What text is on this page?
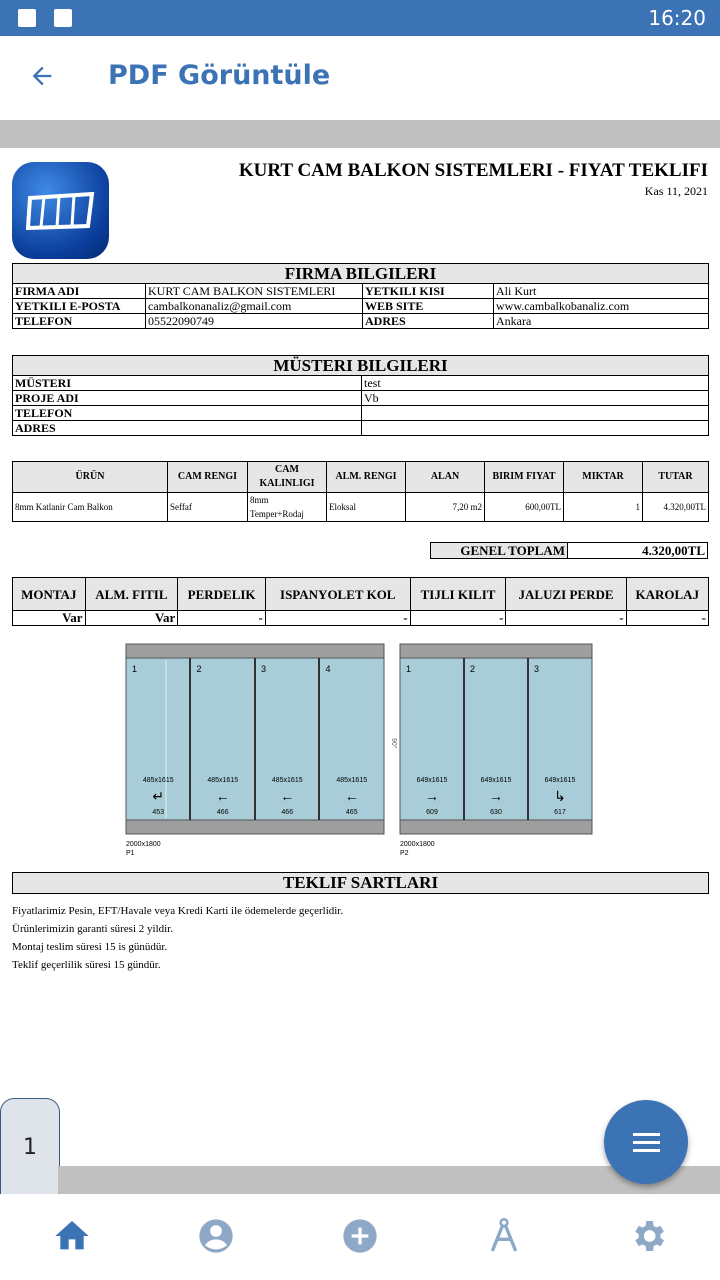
16:20
PDF Görüntüle
KURT CAM BALKON SISTEMLERI - FIYAT TEKLIFI
Kas 11, 2021
FIRMA BILGILERI			
FIRMA ADI	KURT CAM BALKON SISTEMLERI	YETKILI KISI	Ali Kurt
YETKILI E-POSTA	cambalkonanaliz@gmail.com	WEB SITE	www.cambalkobanaliz.com
TELEFON	05522090749	ADRES	Ankara
MÜSTERI BILGILERI	
MÜSTERI	test
PROJE ADI	Vb
TELEFON	
ADRES	
ÜRÜN	CAM RENGI	CAM KALINLIGI	ALM. RENGI	ALAN	BIRIM FIYAT	MIKTAR	TUTAR
8mm Katlanir Cam Balkon	Seffaf	8mm Temper+Rodaj	Eloksal	7,20 m2	600,00TL	1	4.320,00TL
GENEL TOPLAM	4.320,00TL
MONTAJ	ALM. FITIL	PERDELIK	ISPANYOLET KOL	TIJLI KILIT	JALUZI PERDE	KAROLAJ
Var	Var	-	-	-	-	-
90°
1
485x1615
453
↵
2
485x1615
466
←
3
485x1615
466
←
4
485x1615
465
←
1
649x1615
609
→
2
649x1615
630
→
3
649x1615
617
↳
2000x1800
P1
2000x1800
P2
TEKLIF SARTLARI
Fiyatlarimiz Pesin, EFT/Havale veya Kredi Karti ile ödemelerde geçerlidir.
Ürünlerimizin garanti süresi 2 yildir.
Montaj teslim süresi 15 is günüdür.
Teklif geçerlilik süresi 15 gündür.
1
